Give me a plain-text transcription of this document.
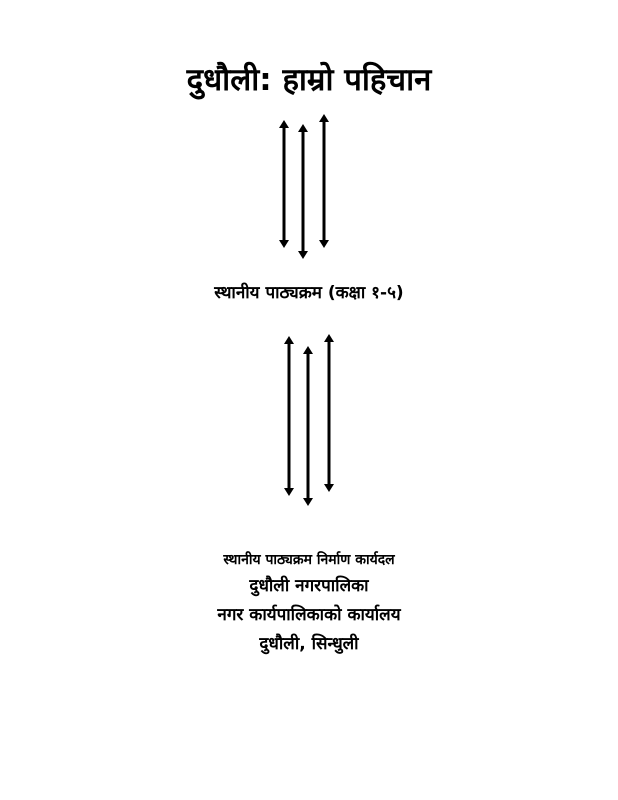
दुधौली: हाम्रो पहिचान
स्थानीय पाठ्यक्रम (कक्षा १-५)
स्थानीय पाठ्यक्रम निर्माण कार्यदल
दुधौली नगरपालिका
नगर कार्यपालिकाको कार्यालय
दुधौली, सिन्धुली
